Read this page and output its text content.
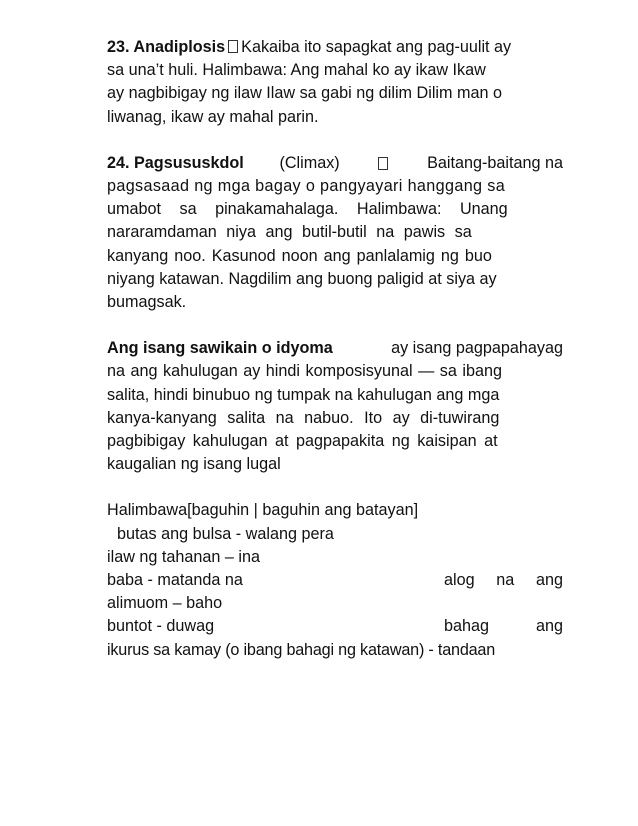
23. Anadiplosis Kakaiba ito sapagkat ang pag-uulit ay
sa una’t huli. Halimbawa: Ang mahal ko ay ikaw Ikaw
ay nagbibigay ng ilaw Ilaw sa gabi ng dilim Dilim man o
liwanag, ikaw ay mahal parin.
24. Pagsususkdol (Climax)	Baitang-baitang na
pagsasaad ng mga bagay o pangyayari hanggang sa
umabot sa pinakamahalaga. Halimbawa: Unang
nararamdaman niya ang butil-butil na pawis sa
kanyang noo. Kasunod noon ang panlalamig ng buo
niyang katawan. Nagdilim ang buong paligid at siya ay
bumagsak.
Ang isang sawikain o idyoma	ay isang pagpapahayag
na ang kahulugan ay hindi komposisyunal — sa ibang
salita, hindi binubuo ng tumpak na kahulugan ang mga
kanya-kanyang salita na nabuo. Ito ay di-tuwirang
pagbibigay kahulugan at pagpapakita ng kaisipan at
kaugalian ng isang lugal
Halimbawa[baguhin | baguhin ang batayan]
butas ang bulsa - walang pera
ilaw ng tahanan – ina
alog na ang
baba - matanda na
alimuom – baho
bahag	ang
buntot - duwag
ikurus sa kamay (o ibang bahagi ng katawan) - tandaan
